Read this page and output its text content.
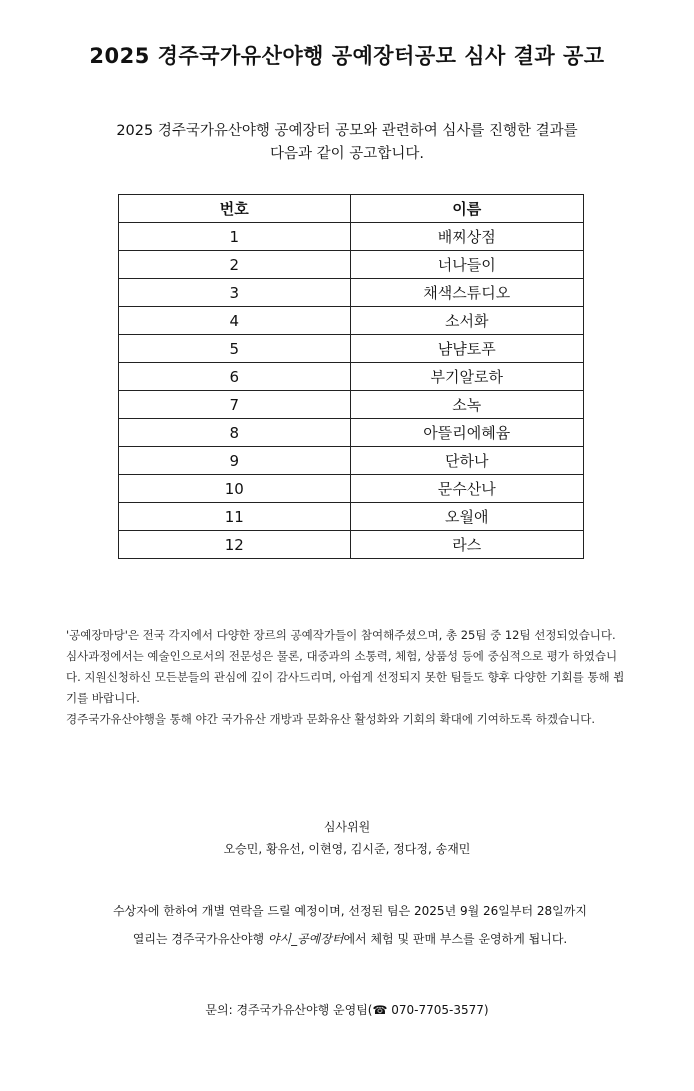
2025 경주국가유산야행 공예장터공모 심사 결과 공고
2025 경주국가유산야행 공예장터 공모와 관련하여 심사를 진행한 결과를
다음과 같이 공고합니다.
번호	이름
1	배찌상점
2	너나들이
3	채색스튜디오
4	소서화
5	냠냠토푸
6	부기알로하
7	소녹
8	아뜰리에혜윰
9	단하나
10	문수산나
11	오월애
12	라스
'공예장마당'은 전국 각지에서 다양한 장르의 공예작가들이 참여해주셨으며, 총 25팀 중 12팀 선정되었습니다. 심사과정에서는 예술인으로서의 전문성은 물론, 대중과의 소통력, 체험, 상품성 등에 중심적으로 평가 하였습니다. 지원신청하신 모든분들의 관심에 깊이 감사드리며, 아쉽게 선정되지 못한 팀들도 향후 다양한 기회를 통해 뵙기를 바랍니다.
경주국가유산야행을 통해 야간 국가유산 개방과 문화유산 활성화와 기회의 확대에 기여하도록 하겠습니다.
심사위원
오승민, 황유선, 이현영, 김시준, 정다정, 송재민
수상자에 한하여 개별 연락을 드릴 예정이며, 선정된 팀은 2025년 9월 26일부터 28일까지
열리는 경주국가유산야행 야시_공예장터에서 체험 및 판매 부스를 운영하게 됩니다.
문의: 경주국가유산야행 운영팀(☎ 070-7705-3577)
